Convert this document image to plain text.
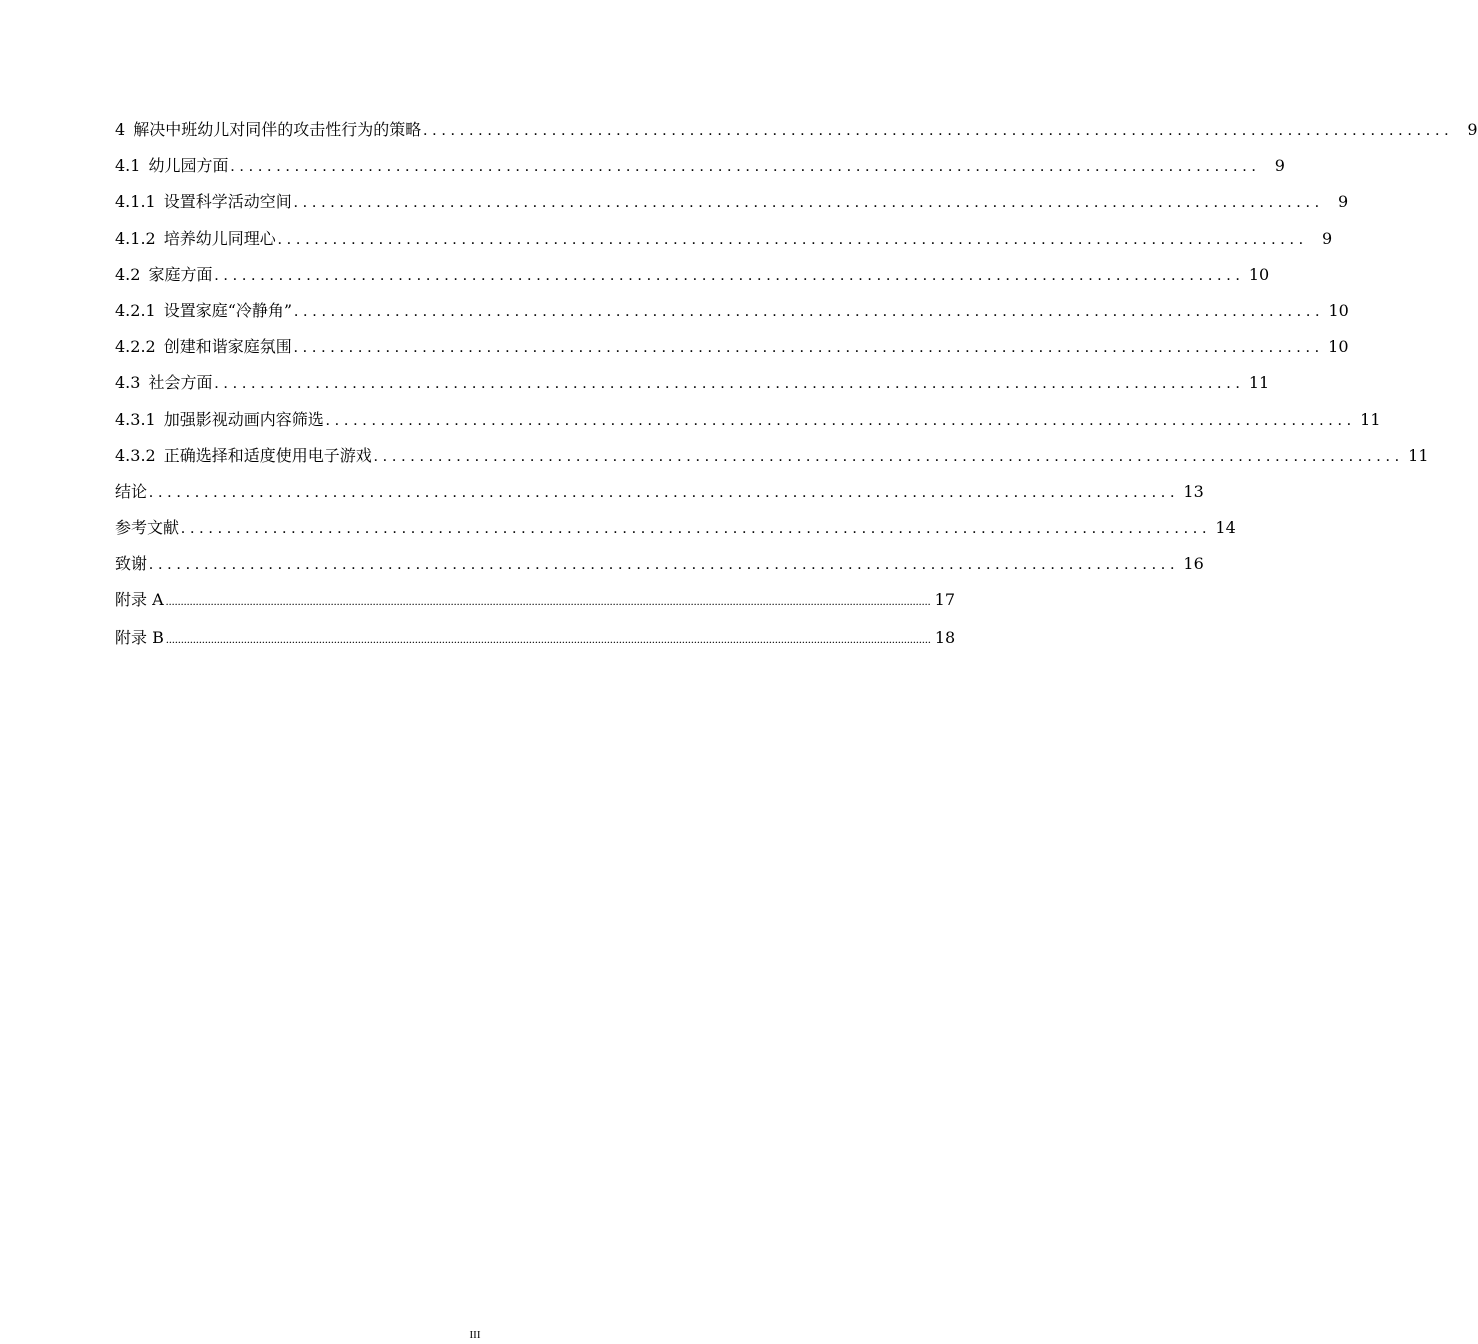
4 解决中班幼儿对同伴的攻击性行为的策略 ................................................................................................................ 9
4.1 幼儿园方面 ................................................................................................................ 9
4.1.1 设置科学活动空间 ................................................................................................................ 9
4.1.2 培养幼儿同理心 ................................................................................................................ 9
4.2 家庭方面 ................................................................................................................ 10
4.2.1 设置家庭“冷静角” ................................................................................................................ 10
4.2.2 创建和谐家庭氛围 ................................................................................................................ 10
4.3 社会方面 ................................................................................................................ 11
4.3.1 加强影视动画内容筛选 ................................................................................................................ 11
4.3.2 正确选择和适度使用电子游戏 ................................................................................................................ 11
结论 ................................................................................................................ 13
参考文献 ................................................................................................................ 14
致谢 ................................................................................................................ 16
附录 A ............................................................................................................................................................................................................................................................... 17
附录 B ............................................................................................................................................................................................................................................................... 18
III
